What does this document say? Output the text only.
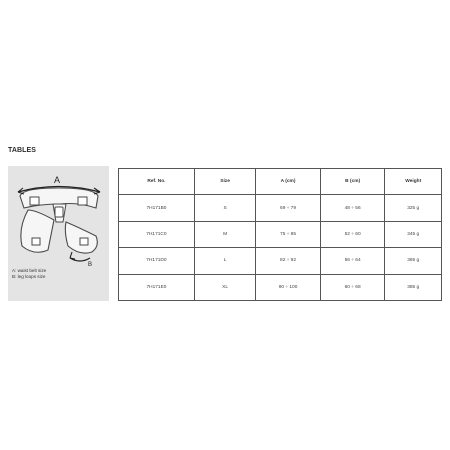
TABLES
A
B
A: waist belt size
B: leg loops size
Ref. No.	Size	A (cm)	B (cm)	Weight
7H171B0	S	69 ÷ 79	48 ÷ 56	325 g
7H171C0	M	75 ÷ 85	52 ÷ 60	345 g
7H171D0	L	82 ÷ 92	56 ÷ 64	365 g
7H171E0	XL	90 ÷ 100	60 ÷ 68	385 g
